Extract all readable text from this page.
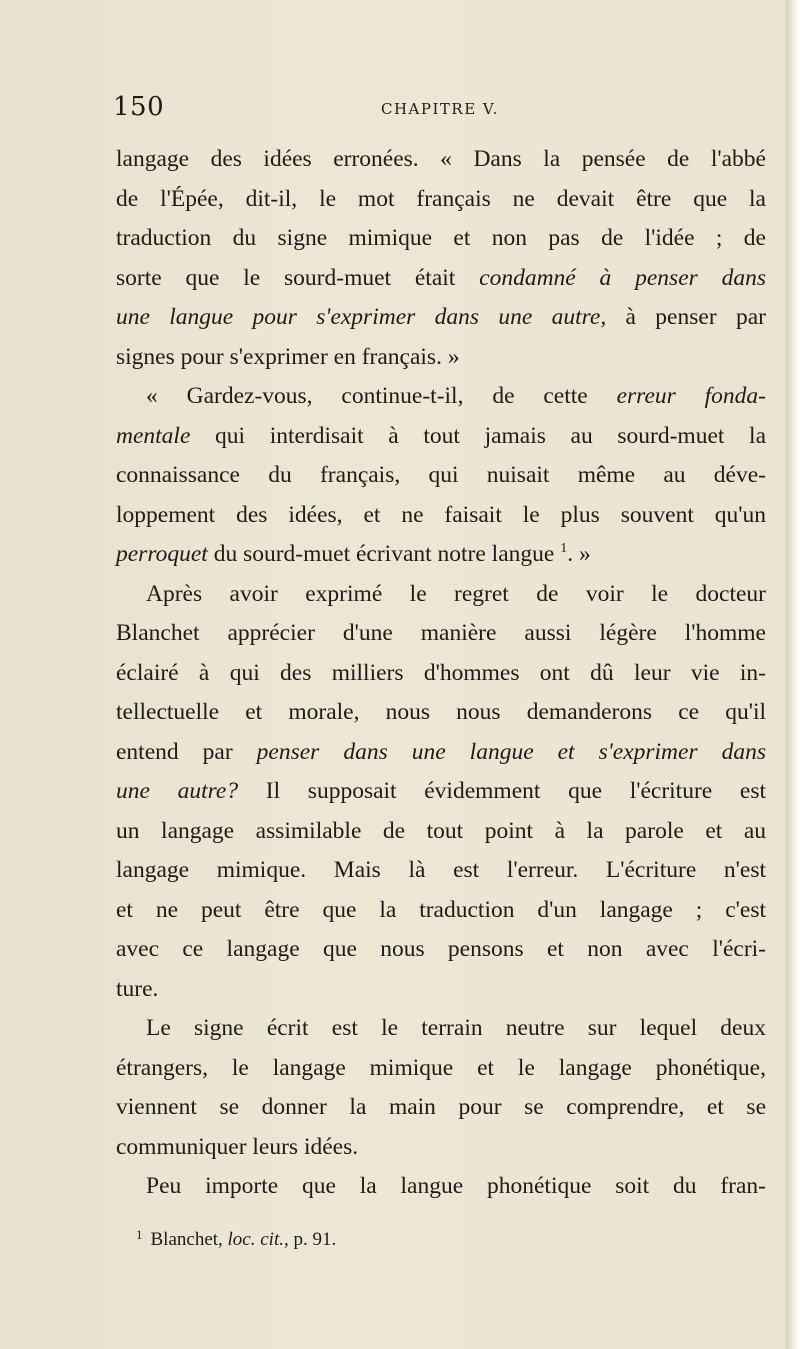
150	CHAPITRE V.
langage des idées erronées. « Dans la pensée de l'abbé
de l'Épée, dit-il, le mot français ne devait être que la
traduction du signe mimique et non pas de l'idée ; de
sorte que le sourd-muet était condamné à penser dans
une langue pour s'exprimer dans une autre, à penser par
signes pour s'exprimer en français. »
« Gardez-vous, continue-t-il, de cette erreur fonda-
mentale qui interdisait à tout jamais au sourd-muet la
connaissance du français, qui nuisait même au déve-
loppement des idées, et ne faisait le plus souvent qu'un
perroquet du sourd-muet écrivant notre langue $^1$. »
Après avoir exprimé le regret de voir le docteur
Blanchet apprécier d'une manière aussi légère l'homme
éclairé à qui des milliers d'hommes ont dû leur vie in-
tellectuelle et morale, nous nous demanderons ce qu'il
entend par penser dans une langue et s'exprimer dans
une autre? Il supposait évidemment que l'écriture est
un langage assimilable de tout point à la parole et au
langage mimique. Mais là est l'erreur. L'écriture n'est
et ne peut être que la traduction d'un langage ; c'est
avec ce langage que nous pensons et non avec l'écri-
ture.
Le signe écrit est le terrain neutre sur lequel deux
étrangers, le langage mimique et le langage phonétique,
viennent se donner la main pour se comprendre, et se
communiquer leurs idées.
Peu importe que la langue phonétique soit du fran-
$^1$ Blanchet, loc. cit., p. 91.
